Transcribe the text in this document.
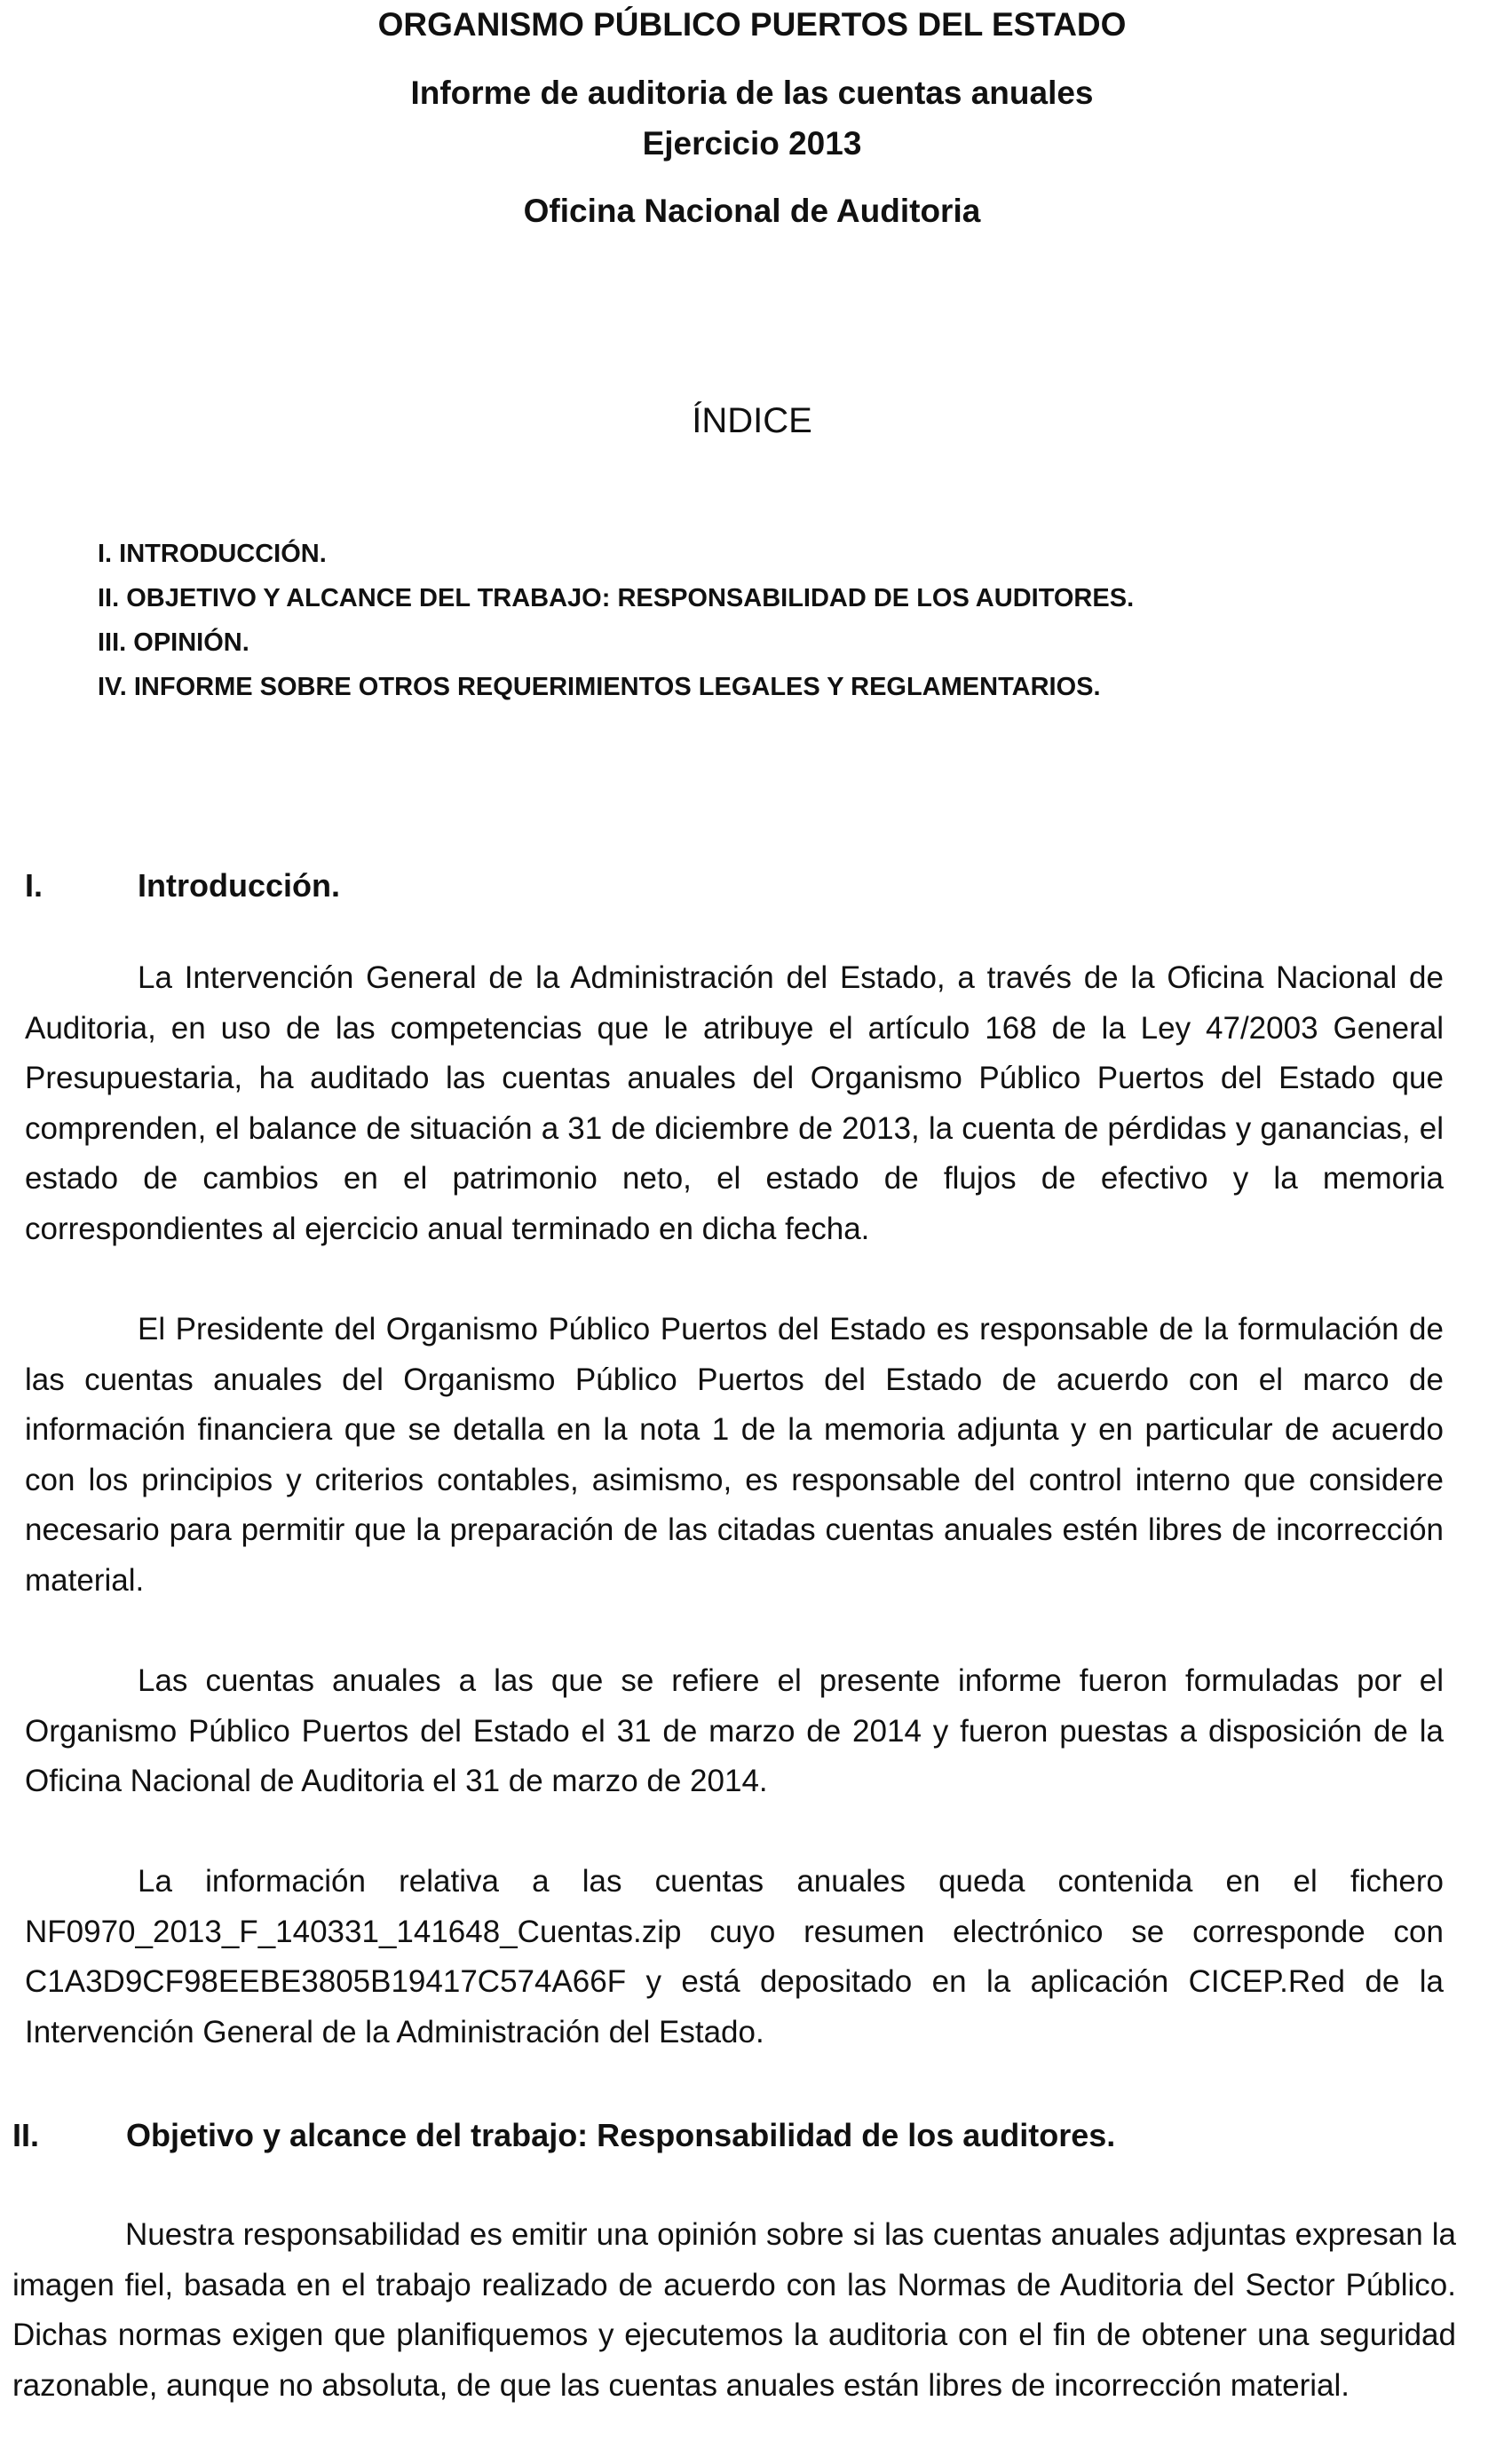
ORGANISMO PÚBLICO PUERTOS DEL ESTADO
Informe de auditoria de las cuentas anuales
Ejercicio 2013
Oficina Nacional de Auditoria
ÍNDICE
I. INTRODUCCIÓN.
II. OBJETIVO Y ALCANCE DEL TRABAJO: RESPONSABILIDAD DE LOS AUDITORES.
III. OPINIÓN.
IV. INFORME SOBRE OTROS REQUERIMIENTOS LEGALES Y REGLAMENTARIOS.
I.	Introducción.

La Intervención General de la Administración del Estado, a través de la Oficina Nacional de Auditoria, en uso de las competencias que le atribuye el artículo 168 de la Ley 47/2003 General Presupuestaria, ha auditado las cuentas anuales del Organismo Público Puertos del Estado que comprenden, el balance de situación a 31 de diciembre de 2013, la cuenta de pérdidas y ganancias, el estado de cambios en el patrimonio neto, el estado de flujos de efectivo y la memoria correspondientes al ejercicio anual terminado en dicha fecha.

El Presidente del Organismo Público Puertos del Estado es responsable de la formulación de las cuentas anuales del Organismo Público Puertos del Estado de acuerdo con el marco de información financiera que se detalla en la nota 1 de la memoria adjunta y en particular de acuerdo con los principios y criterios contables, asimismo, es responsable del control interno que considere necesario para permitir que la preparación de las citadas cuentas anuales estén libres de incorrección material.

Las cuentas anuales a las que se refiere el presente informe fueron formuladas por el Organismo Público Puertos del Estado el 31 de marzo de 2014 y fueron puestas a disposición de la Oficina Nacional de Auditoria el 31 de marzo de 2014.

La información relativa a las cuentas anuales queda contenida en el fichero NF0970_2013_F_140331_141648_Cuentas.zip cuyo resumen electrónico se corresponde con C1A3D9CF98EEBE3805B19417C574A66F y está depositado en la aplicación CICEP.Red de la Intervención General de la Administración del Estado.

II.	Objetivo y alcance del trabajo: Responsabilidad de los auditores.

Nuestra responsabilidad es emitir una opinión sobre si las cuentas anuales adjuntas expresan la imagen fiel, basada en el trabajo realizado de acuerdo con las Normas de Auditoria del Sector Público. Dichas normas exigen que planifiquemos y ejecutemos la auditoria con el fin de obtener una seguridad razonable, aunque no absoluta, de que las cuentas anuales están libres de incorrección material.
